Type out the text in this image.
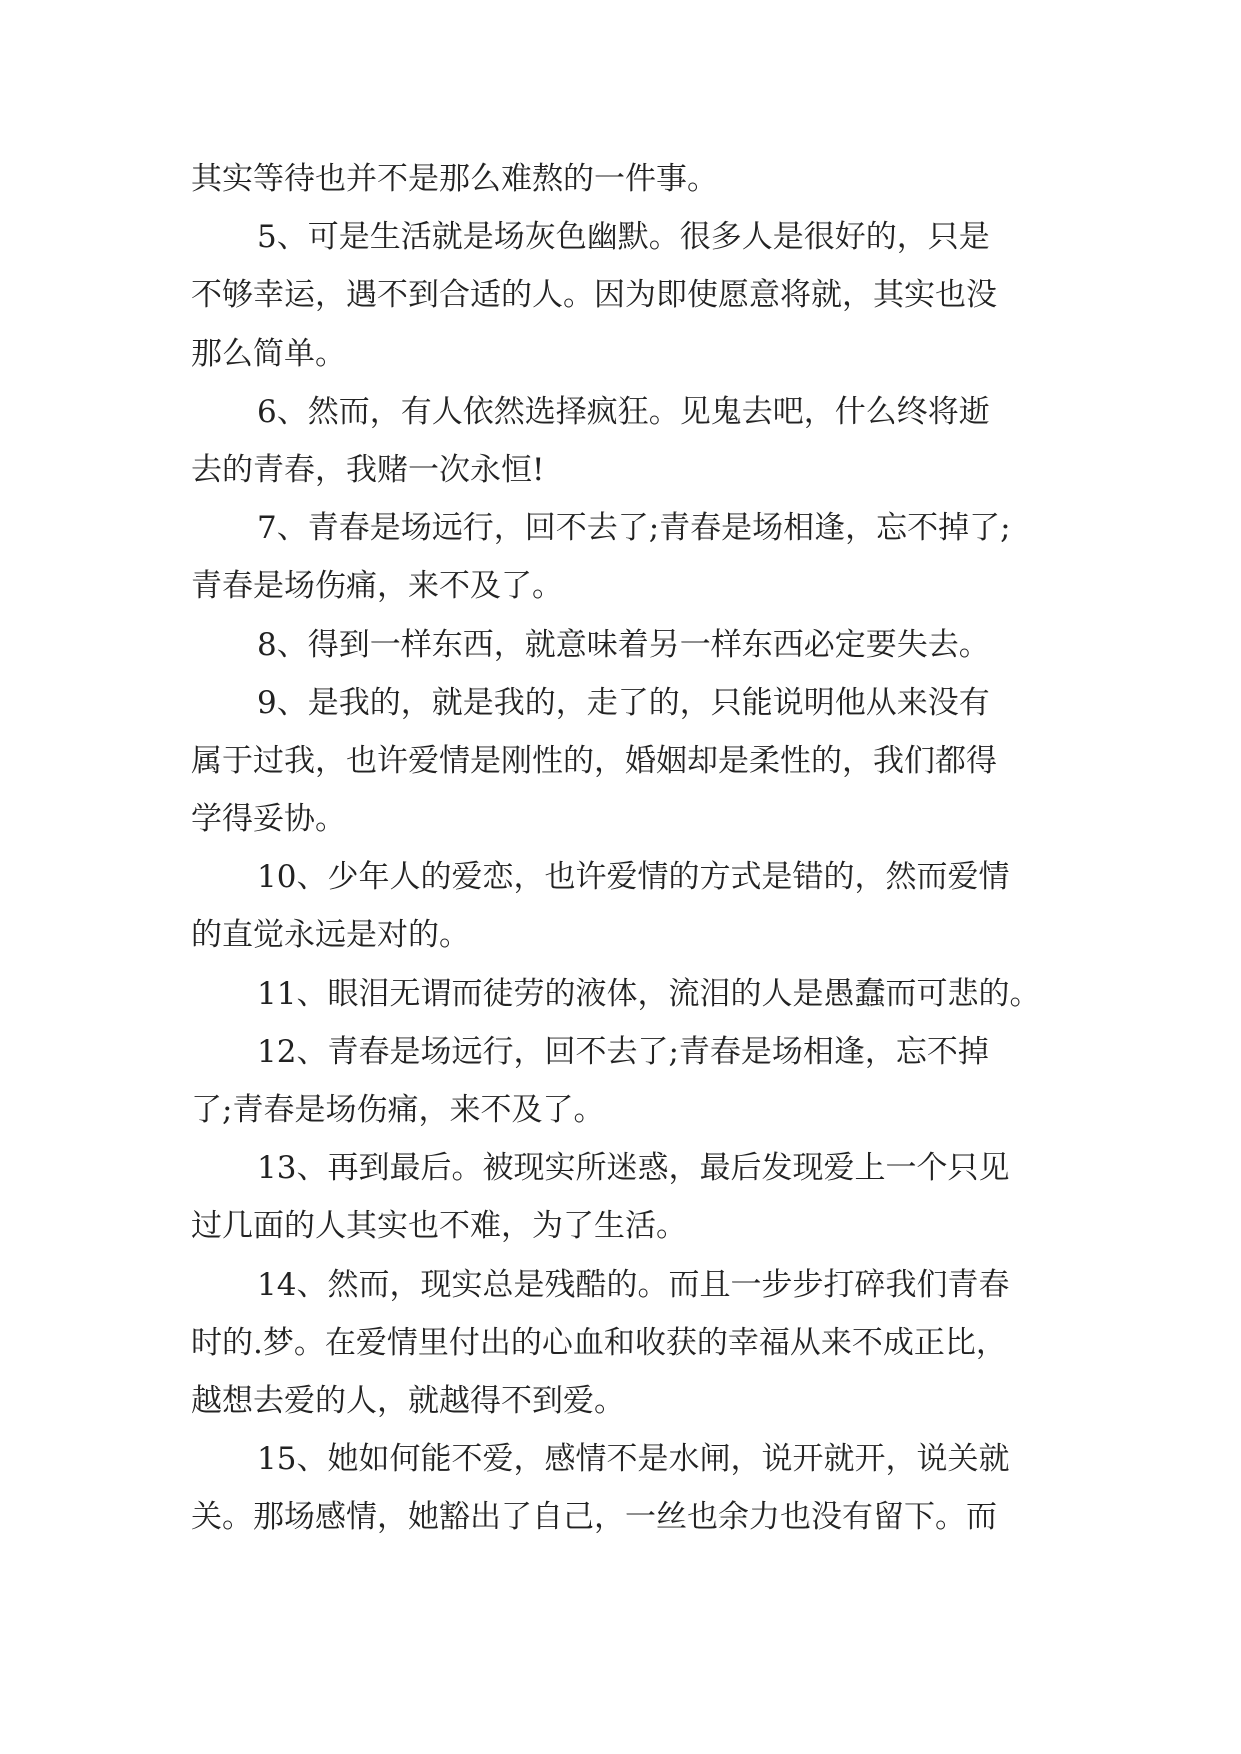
其实等待也并不是那么难熬的一件事。
5、可是生活就是场灰色幽默。很多人是很好的，只是
不够幸运，遇不到合适的人。因为即使愿意将就，其实也没
那么简单。
6、然而，有人依然选择疯狂。见鬼去吧，什么终将逝
去的青春，我赌一次永恒!
7、青春是场远行，回不去了;青春是场相逢，忘不掉了;
青春是场伤痛，来不及了。
8、得到一样东西，就意味着另一样东西必定要失去。
9、是我的，就是我的，走了的，只能说明他从来没有
属于过我，也许爱情是刚性的，婚姻却是柔性的，我们都得
学得妥协。
10、少年人的爱恋，也许爱情的方式是错的，然而爱情
的直觉永远是对的。
11、眼泪无谓而徒劳的液体，流泪的人是愚蠢而可悲的。
12、青春是场远行，回不去了;青春是场相逢，忘不掉
了;青春是场伤痛，来不及了。
13、再到最后。被现实所迷惑，最后发现爱上一个只见
过几面的人其实也不难，为了生活。
14、然而，现实总是残酷的。而且一步步打碎我们青春
时的.梦。在爱情里付出的心血和收获的幸福从来不成正比，
越想去爱的人，就越得不到爱。
15、她如何能不爱，感情不是水闸，说开就开，说关就
关。那场感情，她豁出了自己，一丝也余力也没有留下。而
